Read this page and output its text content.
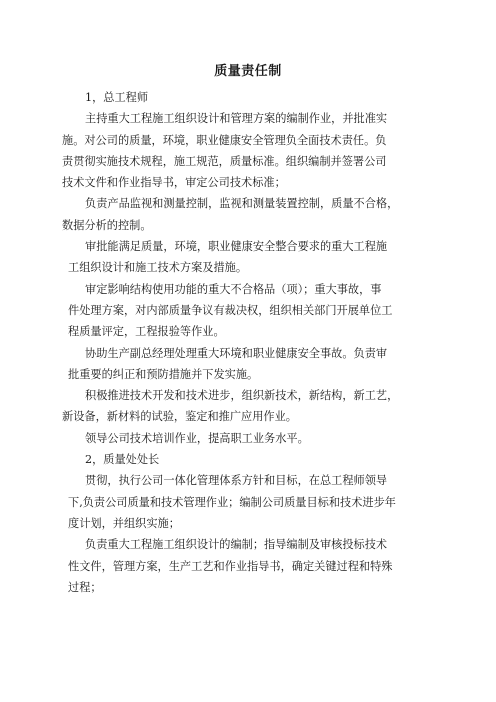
质量责任制
1，总工程师
主持重大工程施工组织设计和管理方案的编制作业，并批准实
施。对公司的质量，环境，职业健康安全管理负全面技术责任。负
责贯彻实施技术规程，施工规范，质量标准。组织编制并签署公司
技术文件和作业指导书，审定公司技术标准；
负责产品监视和测量控制，监视和测量装置控制，质量不合格，
数据分析的控制。
审批能满足质量，环境，职业健康安全整合要求的重大工程施
工组织设计和施工技术方案及措施。
审定影响结构使用功能的重大不合格品（项）；重大事故，事
件处理方案，对内部质量争议有裁决权，组织相关部门开展单位工
程质量评定，工程报验等作业。
协助生产副总经理处理重大环境和职业健康安全事故。负责审
批重要的纠正和预防措施并下发实施。
积极推进技术开发和技术进步，组织新技术，新结构，新工艺，
新设备，新材料的试验，鉴定和推广应用作业。
领导公司技术培训作业，提高职工业务水平。
2，质量处处长
贯彻，执行公司一体化管理体系方针和目标，在总工程师领导
下,负责公司质量和技术管理作业；编制公司质量目标和技术进步年
度计划，并组织实施；
负责重大工程施工组织设计的编制；指导编制及审核投标技术
性文件，管理方案，生产工艺和作业指导书，确定关键过程和特殊
过程；
